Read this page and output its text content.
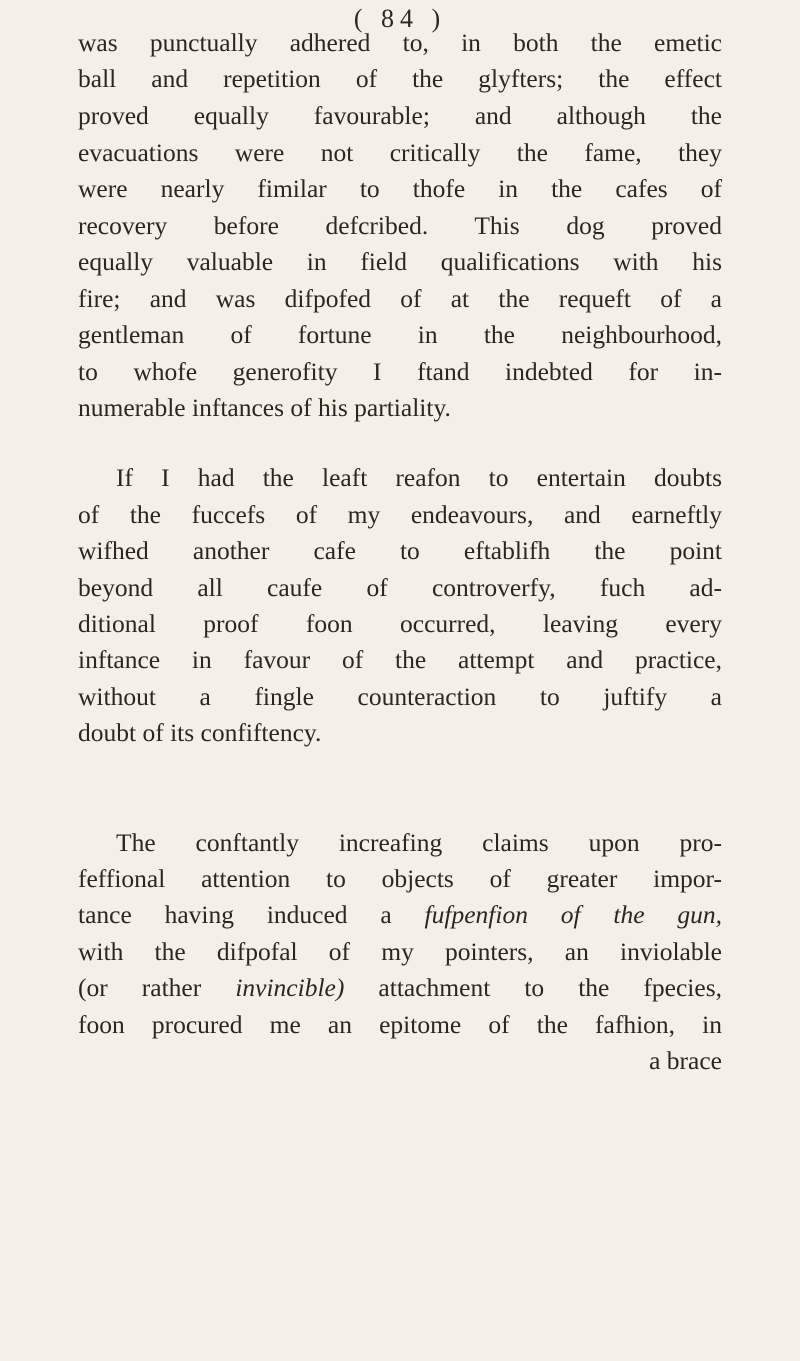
( 84 )
was punctually adhered to, in both the emetic
ball and repetition of the glyfters; the effect
proved equally favourable; and although the
evacuations were not critically the fame, they
were nearly fimilar to thofe in the cafes of
recovery before defcribed. This dog proved
equally valuable in field qualifications with his
fire; and was difpofed of at the requeft of a
gentleman of fortune in the neighbourhood,
to whofe generofity I ftand indebted for in-
numerable inftances of his partiality.
If I had the leaft reafon to entertain doubts
of the fuccefs of my endeavours, and earneftly
wifhed another cafe to eftablifh the point
beyond all caufe of controverfy, fuch ad-
ditional proof foon occurred, leaving every
inftance in favour of the attempt and practice,
without a fingle counteraction to juftify a
doubt of its confiftency.
The conftantly increafing claims upon pro-
feffional attention to objects of greater impor-
tance having induced a fufpenfion of the gun,
with the difpofal of my pointers, an inviolable
(or rather invincible) attachment to the fpecies,
foon procured me an epitome of the fafhion, in
a brace
